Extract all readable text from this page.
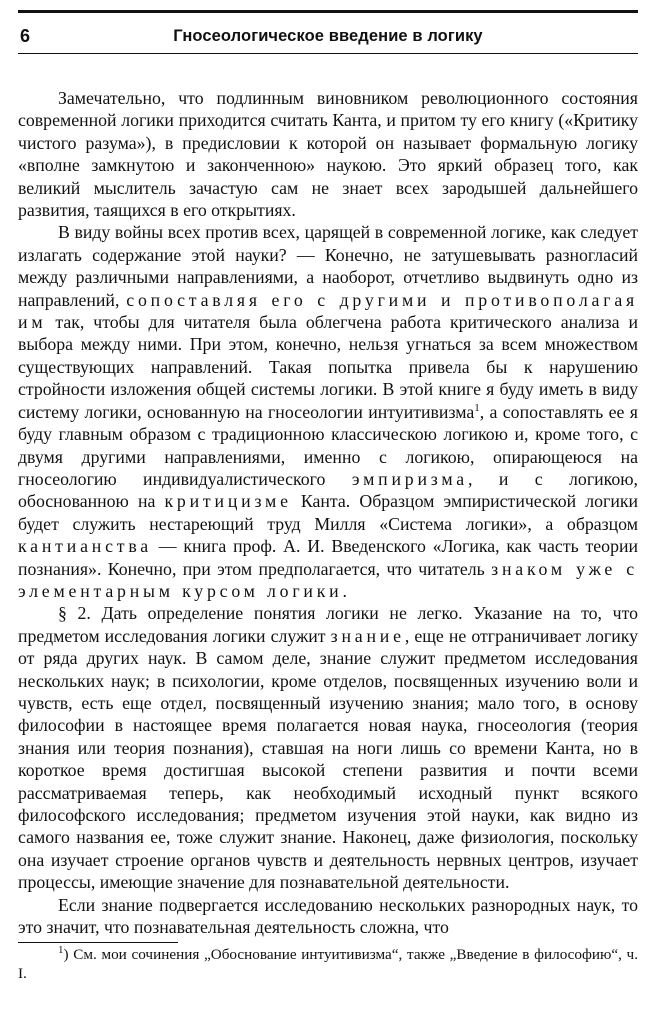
6	Гносеологическое введение в логику

Замечательно, что подлинным виновником революционного состояния современной логики приходится считать Канта, и притом ту его книгу («Критику чистого разума»), в предисловии к которой он называет формальную логику «вполне замкнутою и законченною» наукою. Это яркий образец того, как великий мыслитель зачастую сам не знает всех зародышей дальнейшего развития, таящихся в его открытиях.

В виду войны всех против всех, царящей в современной логике, как следует излагать содержание этой науки? — Конечно, не затушевывать разногласий между различными направлениями, а наоборот, отчетливо выдвинуть одно из направлений, сопоставляя его с другими и противополагая им так, чтобы для читателя была облегчена работа критического анализа и выбора между ними. При этом, конечно, нельзя угнаться за всем множеством существующих направлений. Такая попытка привела бы к нарушению стройности изложения общей системы логики. В этой книге я буду иметь в виду систему логики, основанную на гносеологии интуитивизма$^1$, а сопоставлять ее я буду главным образом с традиционною классическою логикою и, кроме того, с двумя другими направлениями, именно с логикою, опирающеюся на гносеологию индивидуалистического эмпиризма, и с логикою, обоснованною на критицизме Канта. Образцом эмпиристической логики будет служить нестареющий труд Милля «Система логики», а образцом кантианства — книга проф. А. И. Введенского «Логика, как часть теории познания». Конечно, при этом предполагается, что читатель знаком уже с элементарным курсом логики.

§ 2. Дать определение понятия логики не легко. Указание на то, что предметом исследования логики служит знание, еще не отграничивает логику от ряда других наук. В самом деле, знание служит предметом исследования нескольких наук; в психологии, кроме отделов, посвященных изучению воли и чувств, есть еще отдел, посвященный изучению знания; мало того, в основу философии в настоящее время полагается новая наука, гносеология (теория знания или теория познания), ставшая на ноги лишь со времени Канта, но в короткое время достигшая высокой степени развития и почти всеми рассматриваемая теперь, как необходимый исходный пункт всякого философского исследования; предметом изучения этой науки, как видно из самого названия ее, тоже служит знание. Наконец, даже физиология, поскольку она изучает строение органов чувств и деятельность нервных центров, изучает процессы, имеющие значение для познавательной деятельности.

Если знание подвергается исследованию нескольких разнородных наук, то это значит, что познавательная деятельность сложна, что

$^1$) См. мои сочинения „Обоснование интуитивизма“, также „Введение в философию“, ч. I.
